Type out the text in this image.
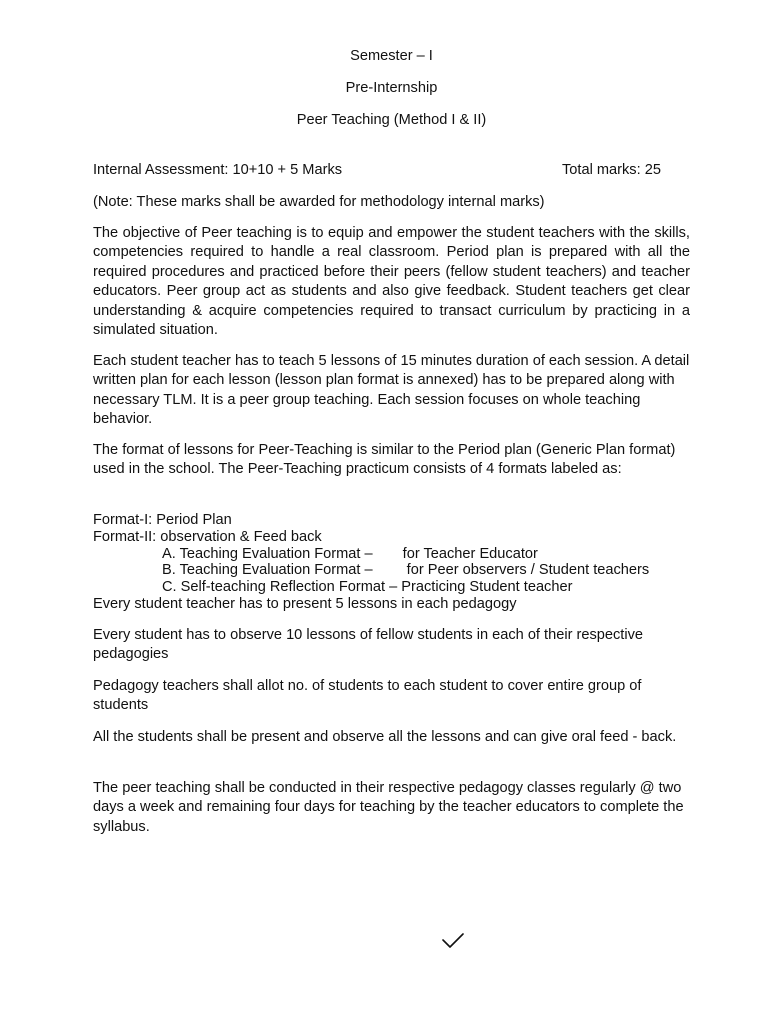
Semester – I
Pre-Internship
Peer Teaching (Method I & II)
Internal Assessment: 10+10 + 5 Marks	Total marks: 25
(Note: These marks shall be awarded for methodology internal marks)
The objective of Peer teaching is to equip and empower the student teachers with the skills, competencies required to handle a real classroom. Period plan is prepared with all the required procedures and practiced before their peers (fellow student teachers) and teacher educators. Peer group act as students and also give feedback. Student teachers get clear understanding & acquire competencies required to transact curriculum by practicing in a simulated situation.
Each student teacher has to teach 5 lessons of 15 minutes duration of each session. A detail written plan for each lesson (lesson plan format is annexed) has to be prepared along with necessary TLM. It is a peer group teaching. Each session focuses on whole teaching behavior.
The format of lessons for Peer-Teaching is similar to the Period plan (Generic Plan format) used in the school. The Peer-Teaching practicum consists of 4 formats labeled as:
Format-I: Period Plan
Format-II: observation & Feed back
A. Teaching Evaluation Format – for Teacher Educator
B. Teaching Evaluation Format – for Peer observers / Student teachers
C. Self-teaching Reflection Format – Practicing Student teacher
Every student teacher has to present 5 lessons in each pedagogy
Every student has to observe 10 lessons of fellow students in each of their respective pedagogies
Pedagogy teachers shall allot no. of students to each student to cover entire group of students
All the students shall be present and observe all the lessons and can give oral feed - back.
The peer teaching shall be conducted in their respective pedagogy classes regularly @ two days a week and remaining four days for teaching by the teacher educators to complete the syllabus.
